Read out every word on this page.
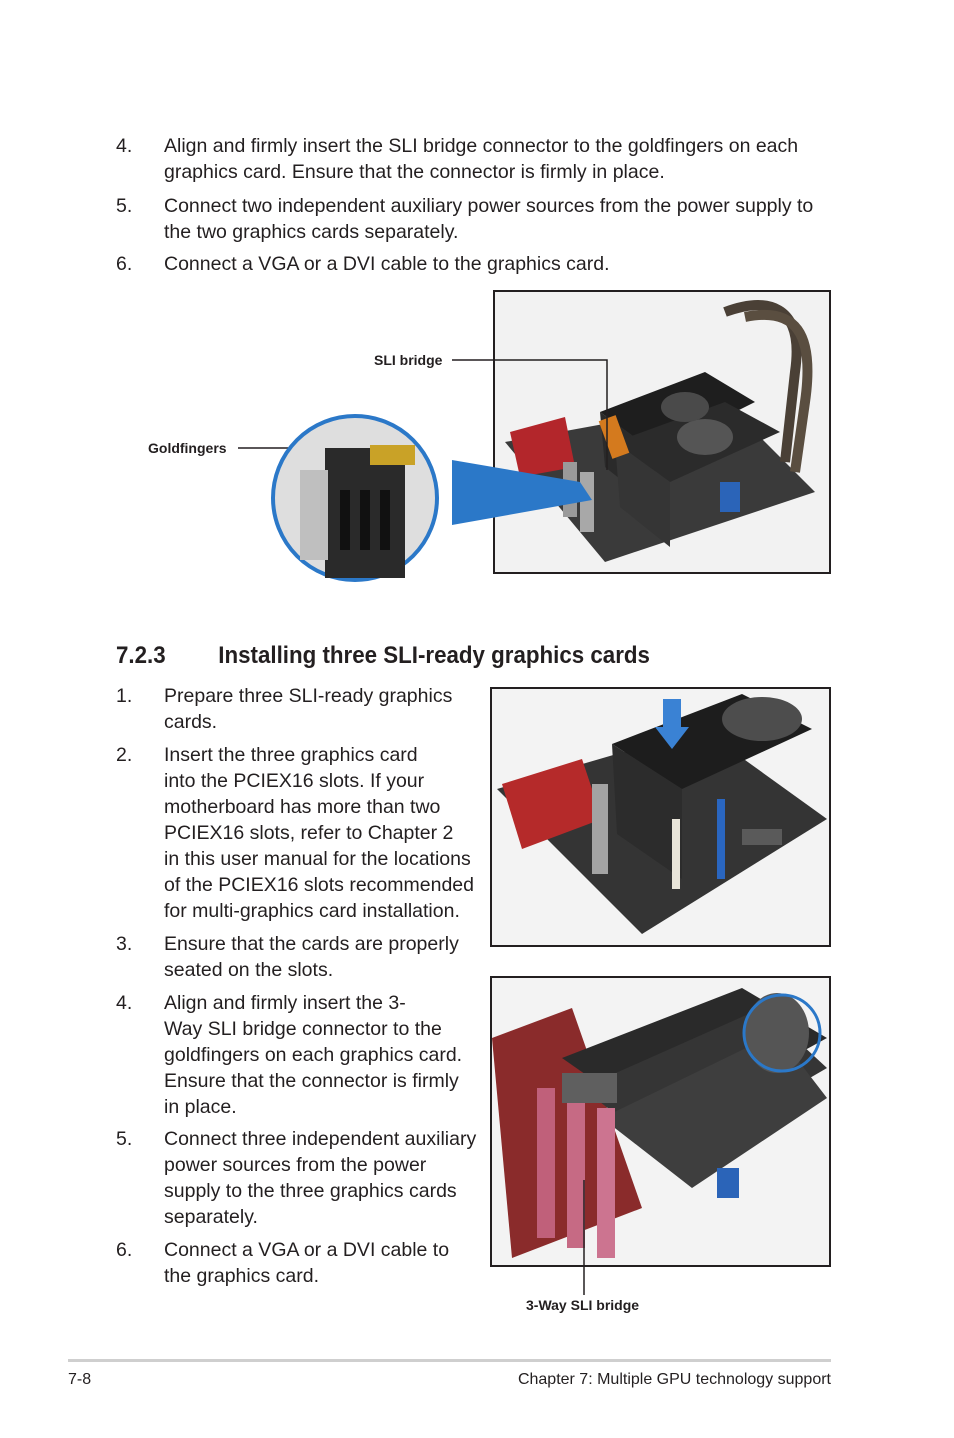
4. Align and firmly insert the SLI bridge connector to the goldfingers on each
graphics card. Ensure that the connector is firmly in place.
5. Connect two independent auxiliary power sources from the power supply to
the two graphics cards separately.
6. Connect a VGA or a DVI cable to the graphics card.
SLI bridge
Goldfingers
7.2.3 Installing three SLI-ready graphics cards
1. Prepare three SLI-ready graphics
cards.
2. Insert the three graphics card
into the PCIEX16 slots. If your
motherboard has more than two
PCIEX16 slots, refer to Chapter 2
in this user manual for the locations
of the PCIEX16 slots recommended
for multi-graphics card installation.
3. Ensure that the cards are properly
seated on the slots.
4. Align and firmly insert the 3-
Way SLI bridge connector to the
goldfingers on each graphics card.
Ensure that the connector is firmly
in place.
5. Connect three independent auxiliary
power sources from the power
supply to the three graphics cards
separately.
6. Connect a VGA or a DVI cable to
the graphics card.
3-Way SLI bridge
7-8	Chapter 7: Multiple GPU technology support
